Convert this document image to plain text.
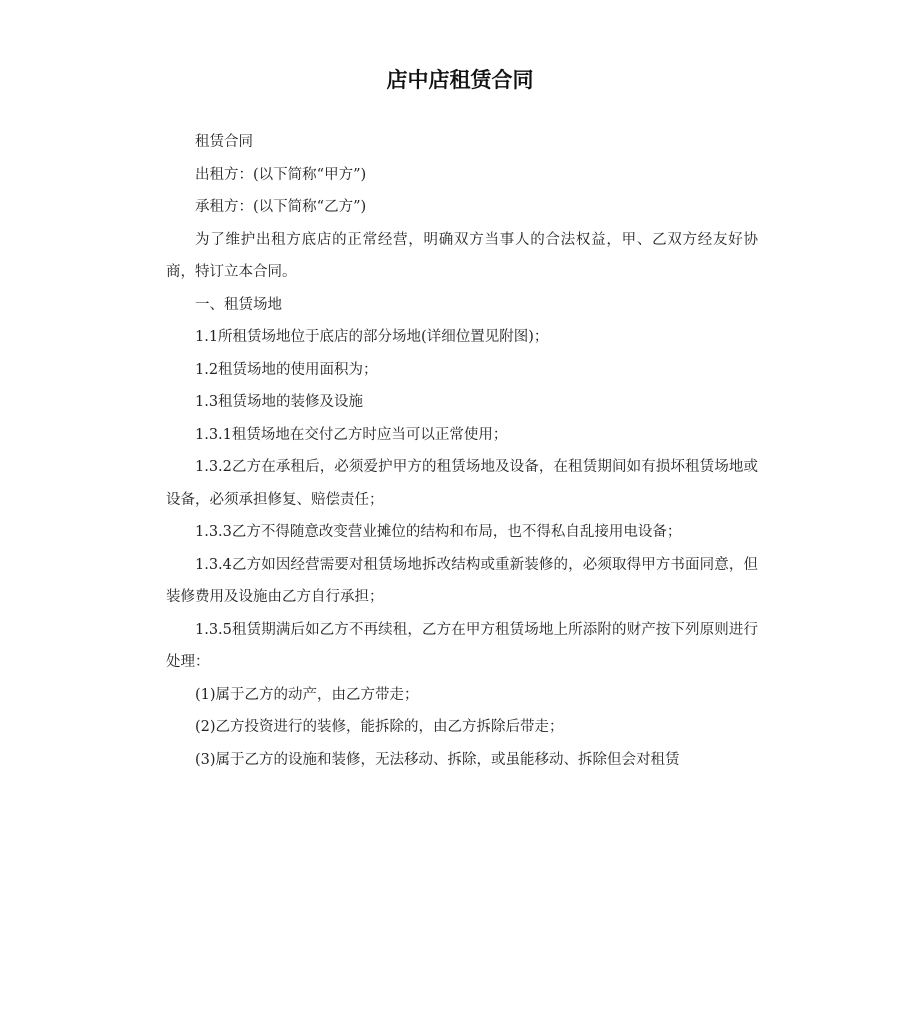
店中店租赁合同

租赁合同

出租方：(以下简称“甲方”)

承租方：(以下简称“乙方”)

为了维护出租方底店的正常经营，明确双方当事人的合法权益，甲、乙双方经友好协商，特订立本合同。

一、租赁场地

1.1所租赁场地位于底店的部分场地(详细位置见附图)；

1.2租赁场地的使用面积为；

1.3租赁场地的装修及设施

1.3.1租赁场地在交付乙方时应当可以正常使用；

1.3.2乙方在承租后，必须爱护甲方的租赁场地及设备，在租赁期间如有损坏租赁场地或设备，必须承担修复、赔偿责任；

1.3.3乙方不得随意改变营业摊位的结构和布局，也不得私自乱接用电设备；

1.3.4乙方如因经营需要对租赁场地拆改结构或重新装修的，必须取得甲方书面同意，但装修费用及设施由乙方自行承担；

1.3.5租赁期满后如乙方不再续租，乙方在甲方租赁场地上所添附的财产按下列原则进行处理：

(1)属于乙方的动产，由乙方带走；

(2)乙方投资进行的装修，能拆除的，由乙方拆除后带走；

(3)属于乙方的设施和装修，无法移动、拆除，或虽能移动、拆除但会对租赁
